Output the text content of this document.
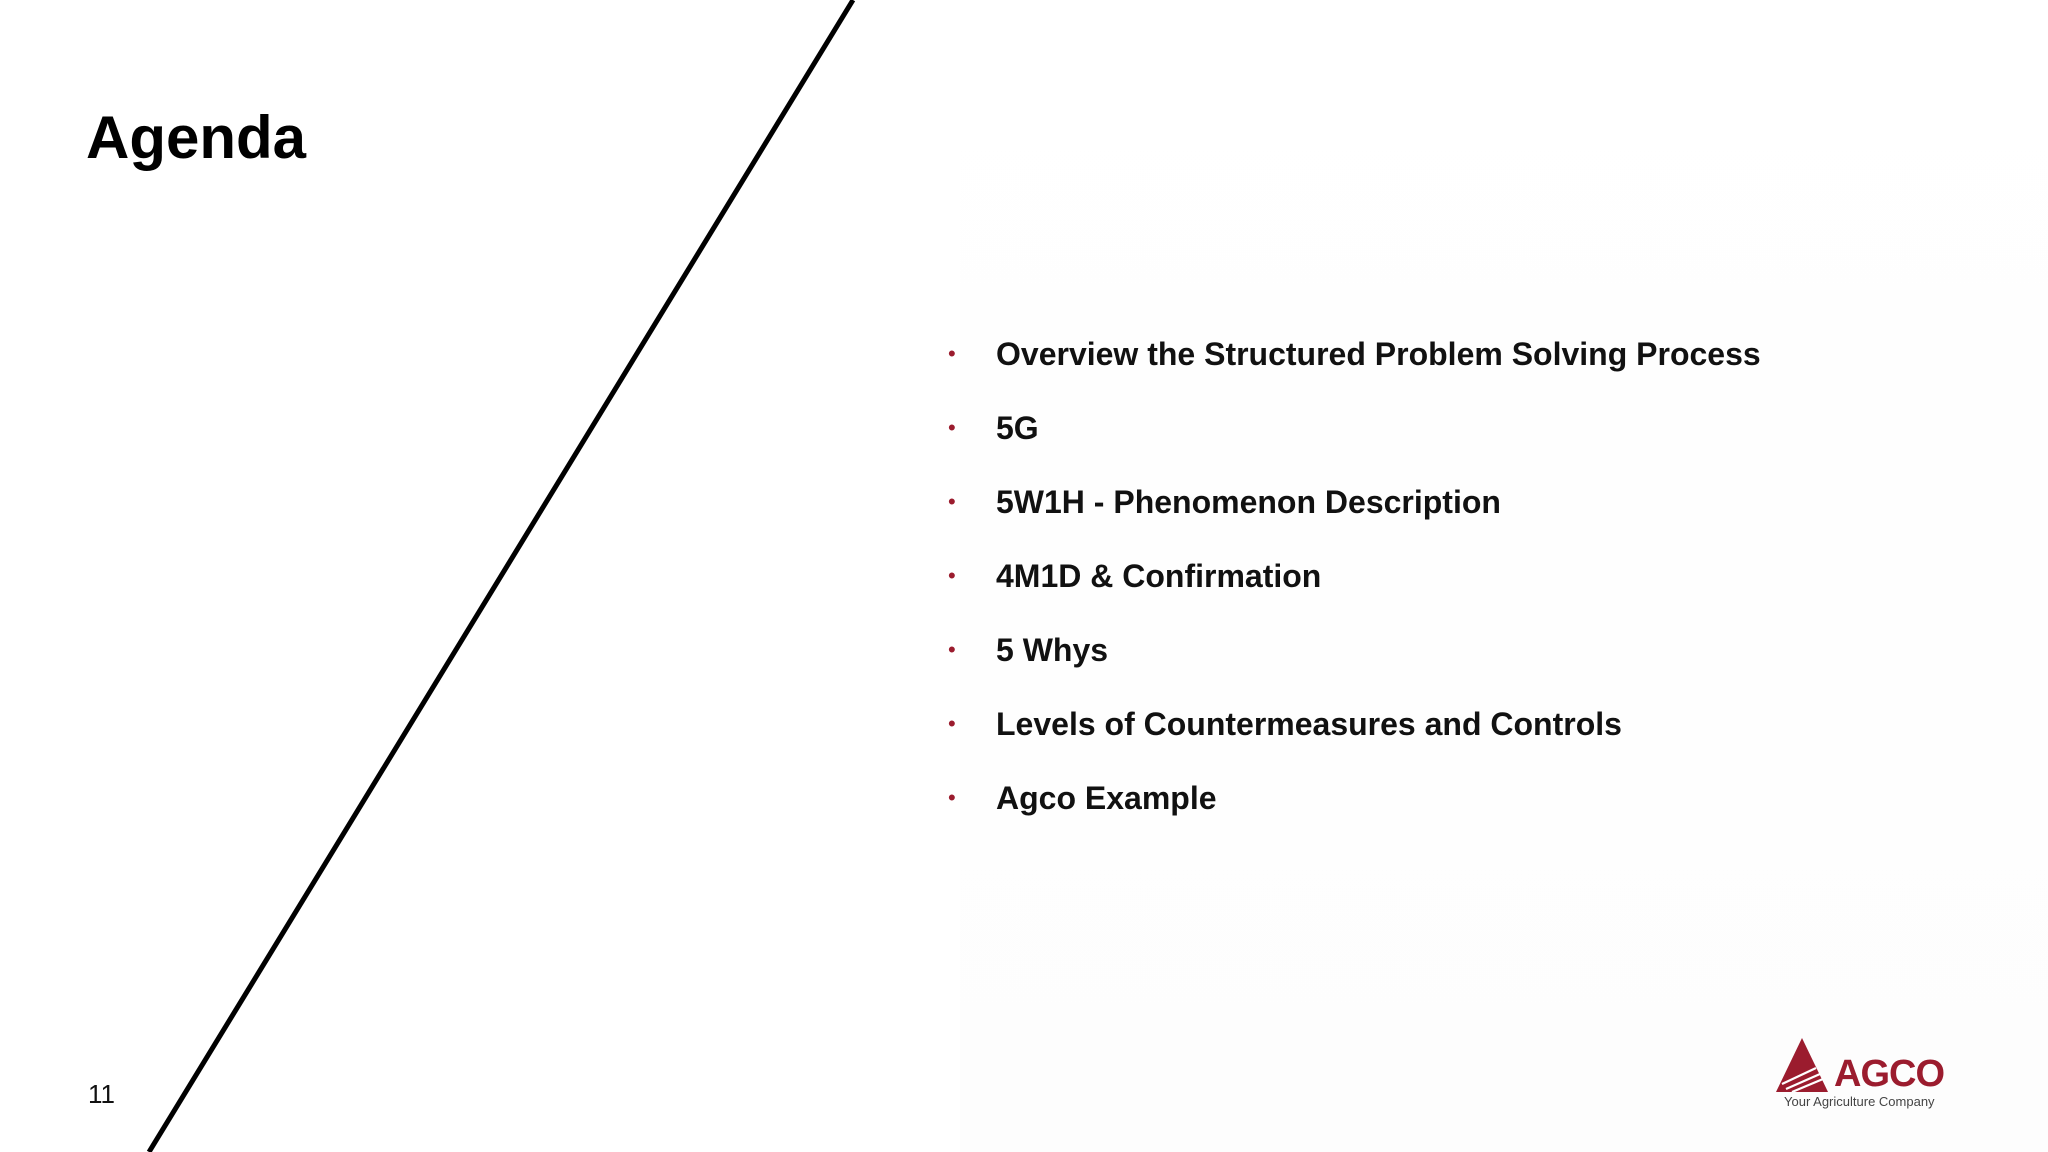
Agenda
•	Overview the Structured Problem Solving Process
•	5G
•	5W1H - Phenomenon Description
•	4M1D & Confirmation
•	5 Whys
•	Levels of Countermeasures and Controls
•	Agco Example
11	AGCO
Your Agriculture Company
